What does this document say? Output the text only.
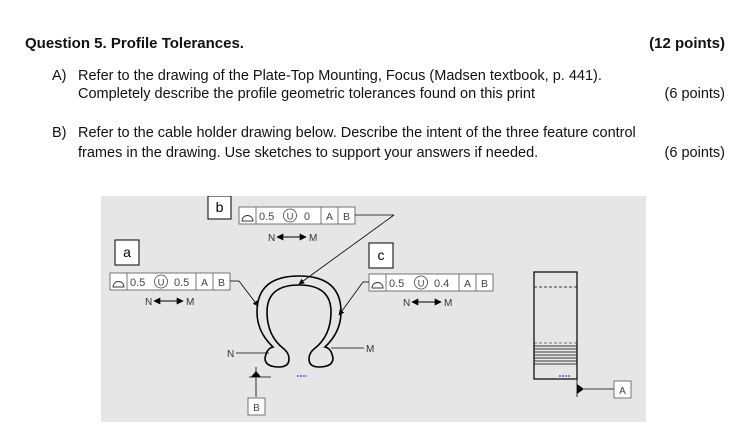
Question 5. Profile Tolerances.	(12 points)
A) Refer to the drawing of the Plate-Top Mounting, Focus (Madsen textbook, p. 441).
Completely describe the profile geometric tolerances found on this print	(6 points)
B) Refer to the cable holder drawing below. Describe the intent of the three feature control
frames in the drawing. Use sketches to support your answers if needed.	(6 points)
b
0.5 U 0 A B
N	M
a
0.5 U 0.5 A B
N	M
c
0.5 U 0.4 A B
N	M
N	M
B
A
